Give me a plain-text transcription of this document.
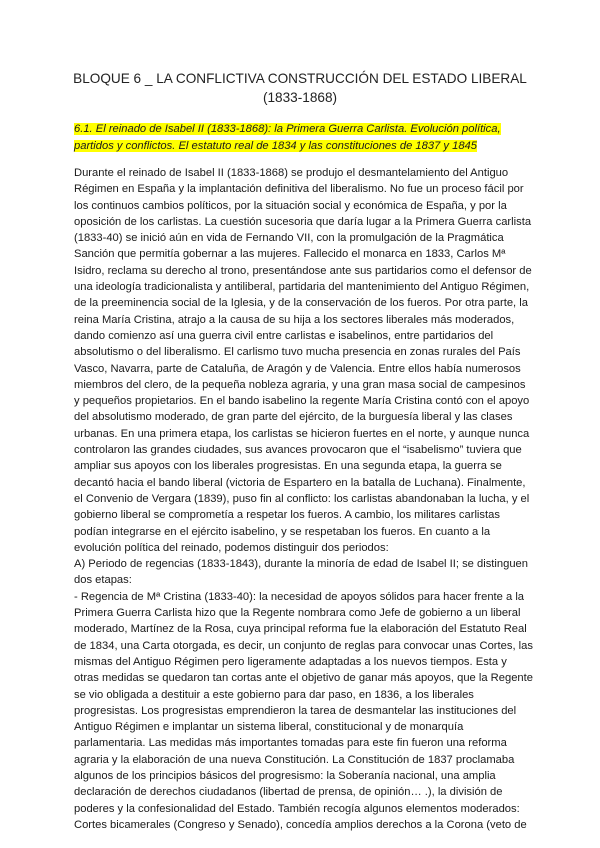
BLOQUE 6 _ LA CONFLICTIVA CONSTRUCCIÓN DEL ESTADO LIBERAL
(1833-1868)
6.1. El reinado de Isabel II (1833-1868): la Primera Guerra Carlista. Evolución política,
partidos y conflictos. El estatuto real de 1834 y las constituciones de 1837 y 1845
Durante el reinado de Isabel II (1833-1868) se produjo el desmantelamiento del Antiguo
Régimen en España y la implantación definitiva del liberalismo. No fue un proceso fácil por
los continuos cambios políticos, por la situación social y económica de España, y por la
oposición de los carlistas. La cuestión sucesoria que daría lugar a la Primera Guerra carlista
(1833-40) se inició aún en vida de Fernando VII, con la promulgación de la Pragmática
Sanción que permitía gobernar a las mujeres. Fallecido el monarca en 1833, Carlos Mª
Isidro, reclama su derecho al trono, presentándose ante sus partidarios como el defensor de
una ideología tradicionalista y antiliberal, partidaria del mantenimiento del Antiguo Régimen,
de la preeminencia social de la Iglesia, y de la conservación de los fueros. Por otra parte, la
reina María Cristina, atrajo a la causa de su hija a los sectores liberales más moderados,
dando comienzo así una guerra civil entre carlistas e isabelinos, entre partidarios del
absolutismo o del liberalismo. El carlismo tuvo mucha presencia en zonas rurales del País
Vasco, Navarra, parte de Cataluña, de Aragón y de Valencia. Entre ellos había numerosos
miembros del clero, de la pequeña nobleza agraria, y una gran masa social de campesinos
y pequeños propietarios. En el bando isabelino la regente María Cristina contó con el apoyo
del absolutismo moderado, de gran parte del ejército, de la burguesía liberal y las clases
urbanas. En una primera etapa, los carlistas se hicieron fuertes en el norte, y aunque nunca
controlaron las grandes ciudades, sus avances provocaron que el “isabelismo” tuviera que
ampliar sus apoyos con los liberales progresistas. En una segunda etapa, la guerra se
decantó hacia el bando liberal (victoria de Espartero en la batalla de Luchana). Finalmente,
el Convenio de Vergara (1839), puso fin al conflicto: los carlistas abandonaban la lucha, y el
gobierno liberal se comprometía a respetar los fueros. A cambio, los militares carlistas
podían integrarse en el ejército isabelino, y se respetaban los fueros. En cuanto a la
evolución política del reinado, podemos distinguir dos periodos:
A) Periodo de regencias (1833-1843), durante la minoría de edad de Isabel II; se distinguen
dos etapas:
- Regencia de Mª Cristina (1833-40): la necesidad de apoyos sólidos para hacer frente a la
Primera Guerra Carlista hizo que la Regente nombrara como Jefe de gobierno a un liberal
moderado, Martínez de la Rosa, cuya principal reforma fue la elaboración del Estatuto Real
de 1834, una Carta otorgada, es decir, un conjunto de reglas para convocar unas Cortes, las
mismas del Antiguo Régimen pero ligeramente adaptadas a los nuevos tiempos. Esta y
otras medidas se quedaron tan cortas ante el objetivo de ganar más apoyos, que la Regente
se vio obligada a destituir a este gobierno para dar paso, en 1836, a los liberales
progresistas. Los progresistas emprendieron la tarea de desmantelar las instituciones del
Antiguo Régimen e implantar un sistema liberal, constitucional y de monarquía
parlamentaria. Las medidas más importantes tomadas para este fin fueron una reforma
agraria y la elaboración de una nueva Constitución. La Constitución de 1837 proclamaba
algunos de los principios básicos del progresismo: la Soberanía nacional, una amplia
declaración de derechos ciudadanos (libertad de prensa, de opinión… .), la división de
poderes y la confesionalidad del Estado. También recogía algunos elementos moderados:
Cortes bicamerales (Congreso y Senado), concedía amplios derechos a la Corona (veto de
